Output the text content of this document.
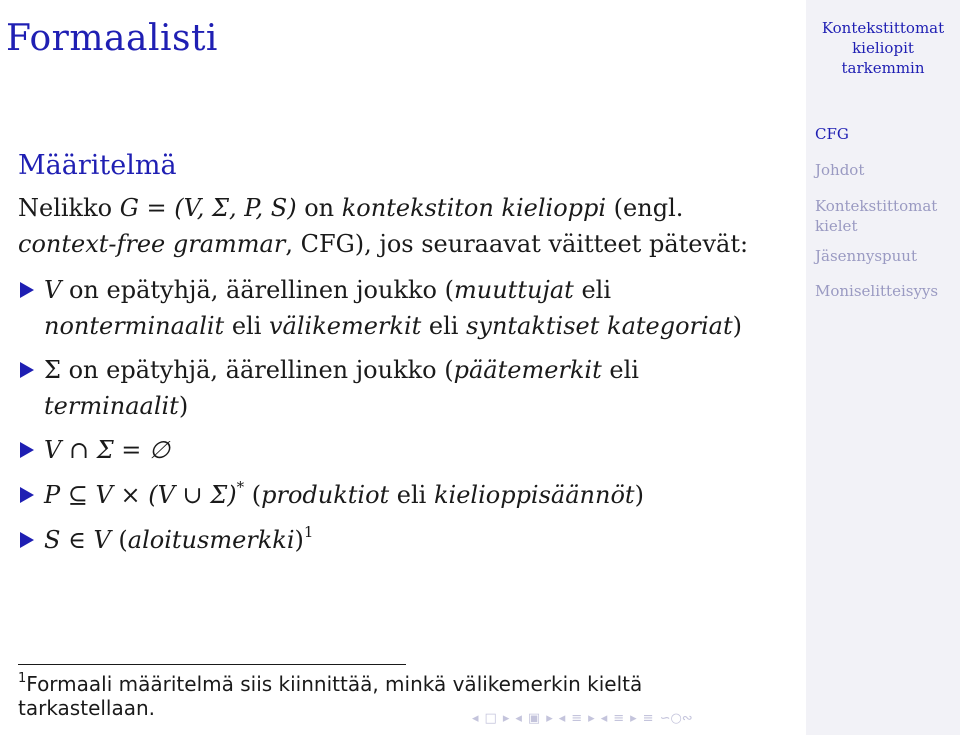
Formaalisti	Kontekstittomat
kieliopit
tarkemmin
CFG
Johdot
Kontekstittomat
kielet
Jäsennyspuut
Moniselitteisyys
Määritelmä
Nelikko G = (V, Σ, P, S) on kontekstiton kielioppi (engl.
context-free grammar, CFG), jos seuraavat väitteet pätevät:
V on epätyhjä, äärellinen joukko (muuttujat eli
nonterminaalit eli välikemerkit eli syntaktiset kategoriat)
Σ on epätyhjä, äärellinen joukko (päätemerkit eli
terminaalit)
V ∩ Σ = ∅
P ⊆ V × (V ∪ Σ)* (produktiot eli kielioppisäännöt)
S ∈ V (aloitusmerkki)$^1$
$^1$Formaali määritelmä siis kiinnittää, minkä välikemerkin kieltä
tarkastellaan.	◂ □ ▸ ◂ ▣ ▸ ◂ ≡ ▸ ◂ ≡ ▸ ≡ ∽○∾
